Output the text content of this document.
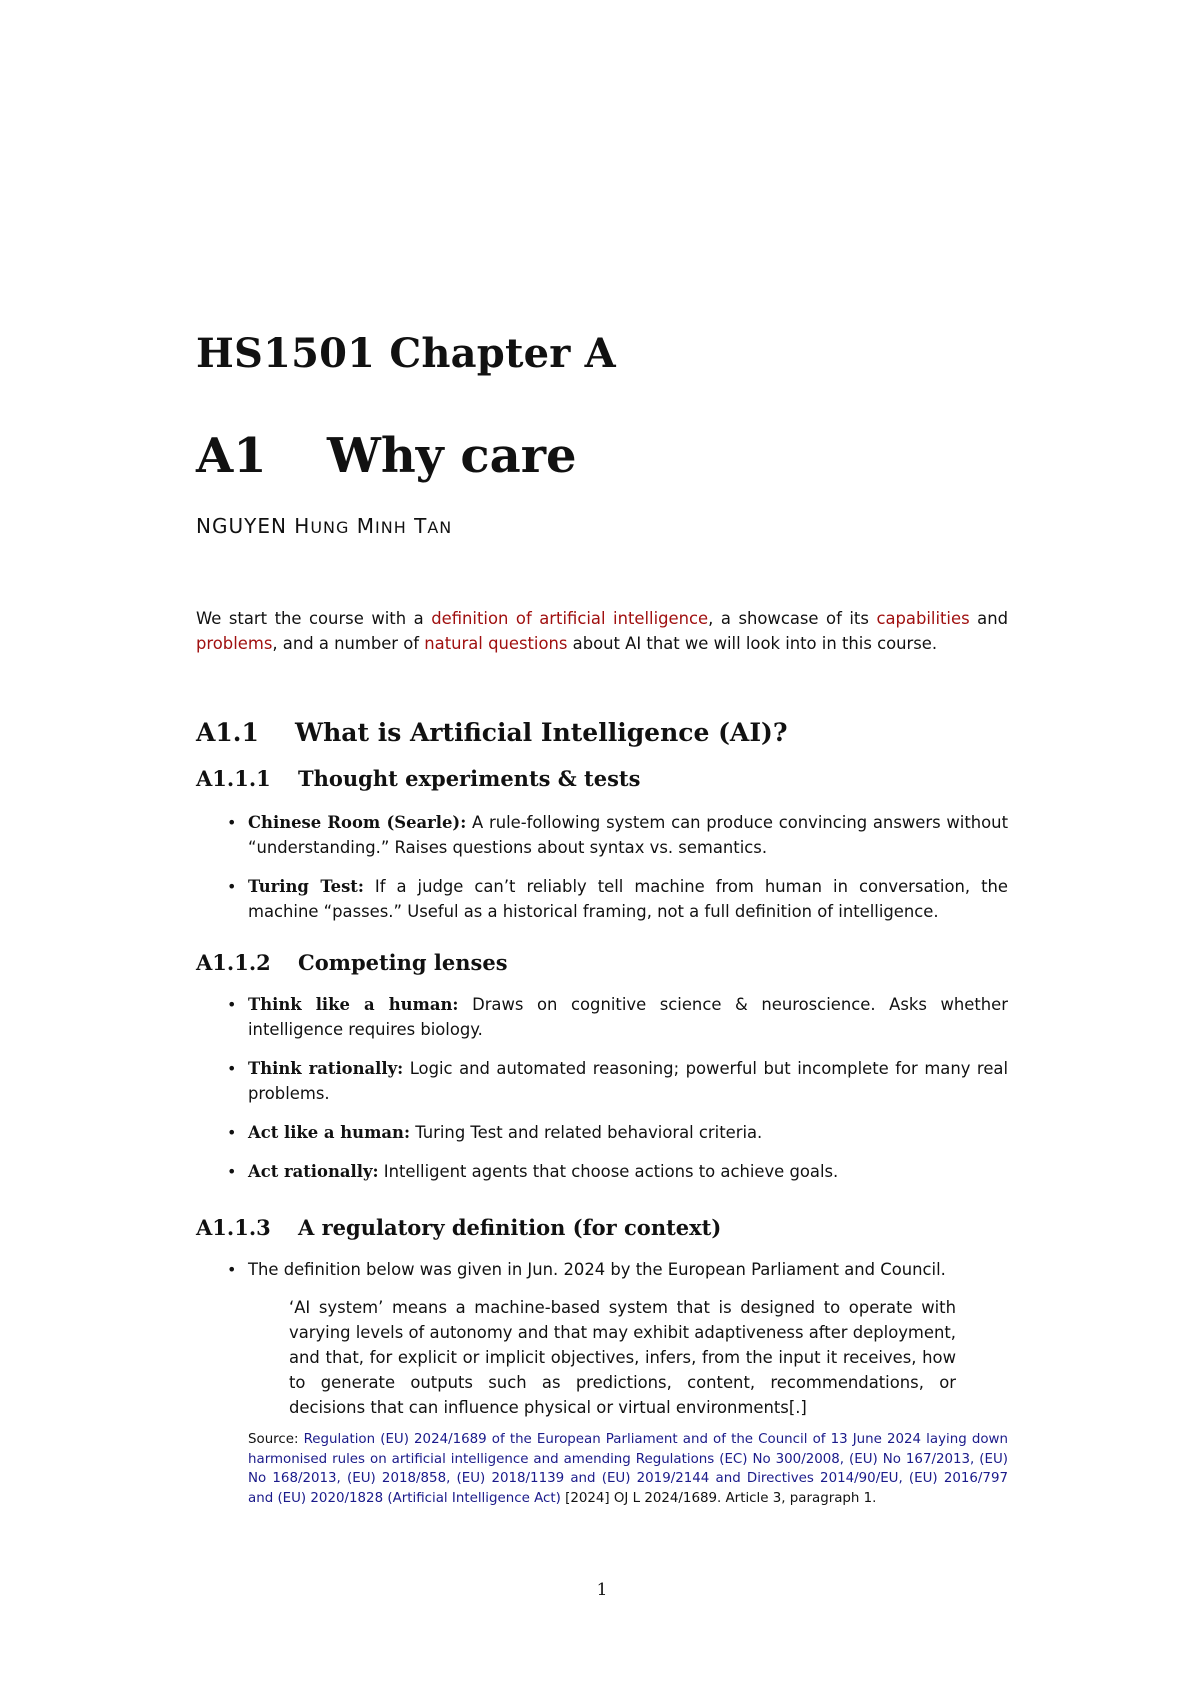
HS1501 Chapter A
A1 Why care
NGUYEN HUNG MINH TAN

We start the course with a definition of artificial intelligence, a showcase of its capabilities and problems, and a number of natural questions about AI that we will look into in this course.

A1.1 What is Artificial Intelligence (AI)?
A1.1.1 Thought experiments & tests
• Chinese Room (Searle): A rule-following system can produce convincing answers without “understanding.” Raises questions about syntax vs. semantics.
• Turing Test: If a judge can’t reliably tell machine from human in conversation, the machine “passes.” Useful as a historical framing, not a full definition of intelligence.
A1.1.2 Competing lenses
• Think like a human: Draws on cognitive science & neuroscience. Asks whether intelligence requires biology.
• Think rationally: Logic and automated reasoning; powerful but incomplete for many real problems.
• Act like a human: Turing Test and related behavioral criteria.
• Act rationally: Intelligent agents that choose actions to achieve goals.
A1.1.3 A regulatory definition (for context)
• The definition below was given in Jun. 2024 by the European Parliament and Council.

‘AI system’ means a machine-based system that is designed to operate with varying levels of autonomy and that may exhibit adaptiveness after deployment, and that, for explicit or implicit objectives, infers, from the input it receives, how to generate outputs such as predictions, content, recommendations, or decisions that can influence physical or virtual environments[.]

Source: Regulation (EU) 2024/1689 of the European Parliament and of the Council of 13 June 2024 laying down harmonised rules on artificial intelligence and amending Regulations (EC) No 300/2008, (EU) No 167/2013, (EU) No 168/2013, (EU) 2018/858, (EU) 2018/1139 and (EU) 2019/2144 and Directives 2014/90/EU, (EU) 2016/797 and (EU) 2020/1828 (Artificial Intelligence Act) [2024] OJ L 2024/1689. Article 3, paragraph 1.

1
